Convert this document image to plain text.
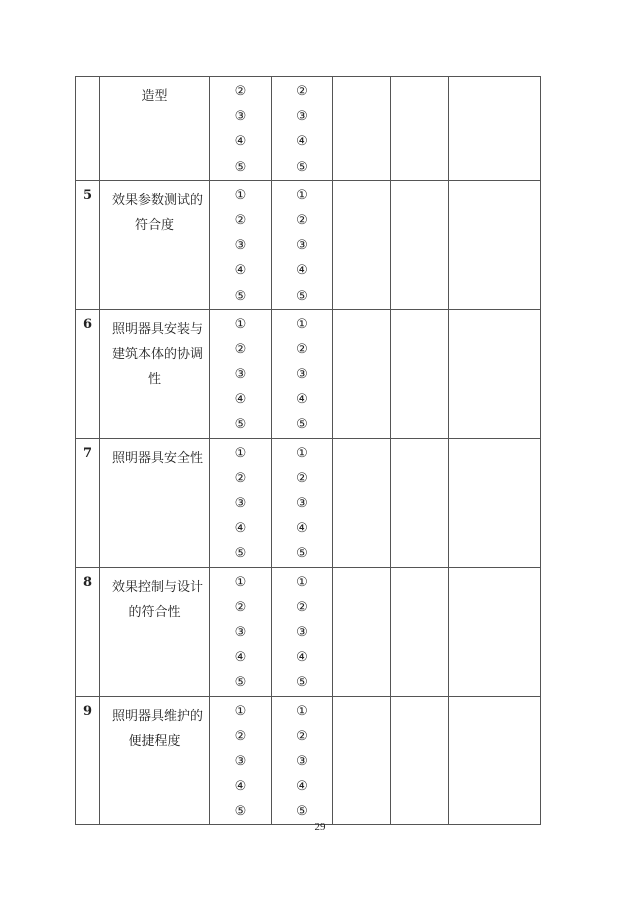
	造型	②
③
④
⑤	②
③
④
⑤			

5	效果参数测试的
符合度	①
②
③
④
⑤	①
②
③
④
⑤			

6	照明器具安装与
建筑本体的协调
性	①
②
③
④
⑤	①
②
③
④
⑤			

7	照明器具安全性	①
②
③
④
⑤	①
②
③
④
⑤			

8	效果控制与设计
的符合性	①
②
③
④
⑤	①
②
③
④
⑤			

9	照明器具维护的
便捷程度	①
②
③
④
⑤	①
②
③
④
⑤			

29
